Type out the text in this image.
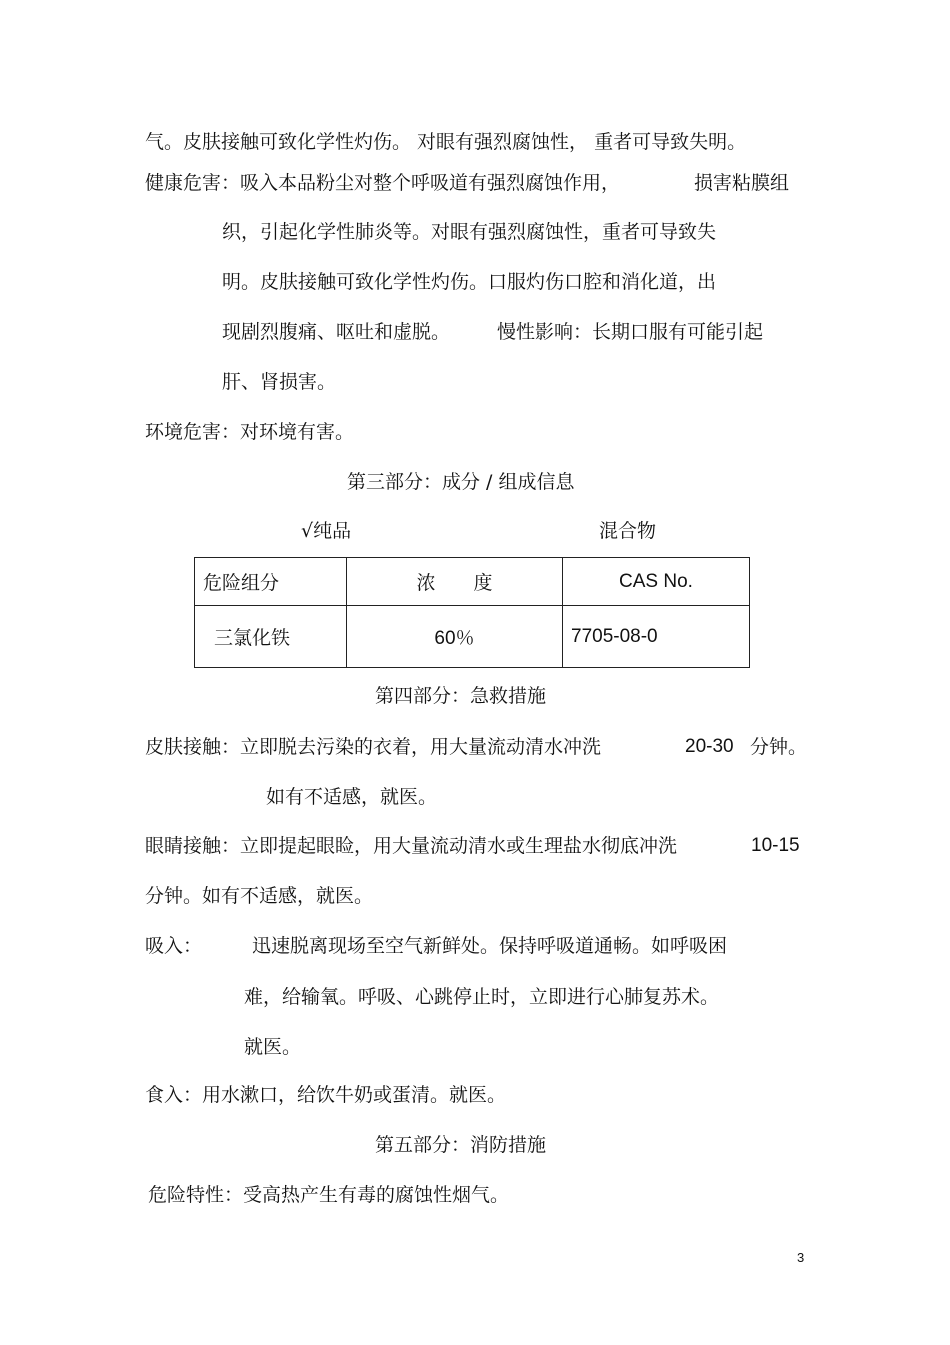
气。皮肤接触可致化学性灼伤。 对眼有强烈腐蚀性， 重者可导致失明。
健康危害：吸入本品粉尘对整个呼吸道有强烈腐蚀作用，	损害粘膜组
织，引起化学性肺炎等。对眼有强烈腐蚀性，重者可导致失
明。皮肤接触可致化学性灼伤。口服灼伤口腔和消化道，出
现剧烈腹痛、呕吐和虚脱。 慢性影响：长期口服有可能引起
肝、肾损害。
环境危害：对环境有害。
第三部分：成分 / 组成信息
√纯品	混合物
危险组分	浓　　度	CAS No.
三氯化铁	60％	7705-08-0
第四部分：急救措施
皮肤接触：立即脱去污染的衣着，用大量流动清水冲洗	20-30 分钟。
如有不适感，就医。
眼睛接触：立即提起眼睑，用大量流动清水或生理盐水彻底冲洗	10-15
分钟。如有不适感，就医。
吸入：	迅速脱离现场至空气新鲜处。保持呼吸道通畅。如呼吸困
难，给输氧。呼吸、心跳停止时，立即进行心肺复苏术。
就医。
食入：用水漱口，给饮牛奶或蛋清。就医。
第五部分：消防措施
危险特性：受高热产生有毒的腐蚀性烟气。
3
